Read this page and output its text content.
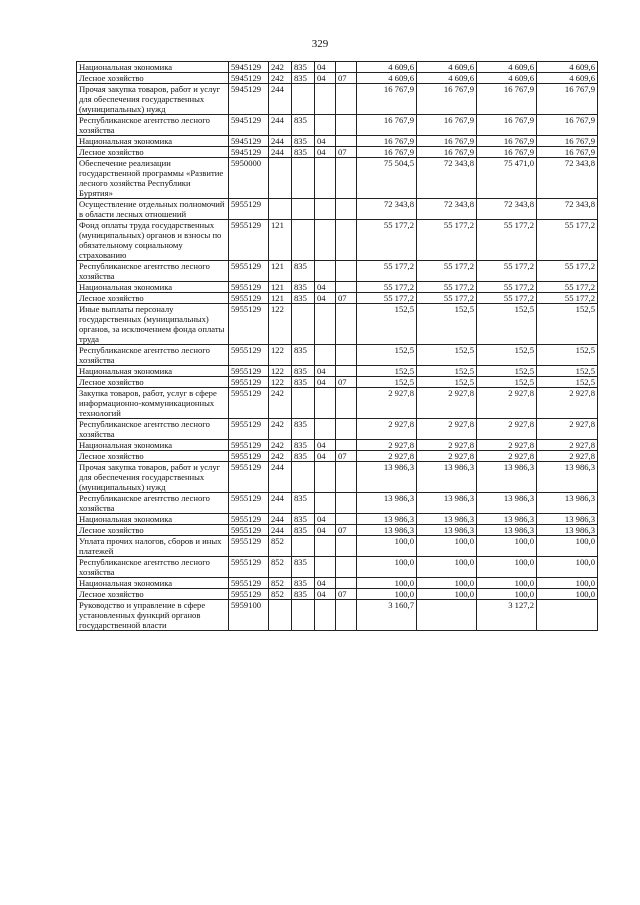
329
Национальная экономика	5945129	242	835	04		4 609,6	4 609,6	4 609,6	4 609,6
Лесное хозяйство	5945129	242	835	04	07	4 609,6	4 609,6	4 609,6	4 609,6
Прочая закупка товаров, работ и услуг для обеспечения государственных (муниципальных) нужд	5945129	244				16 767,9	16 767,9	16 767,9	16 767,9
Республиканское агентство лесного хозяйства	5945129	244	835			16 767,9	16 767,9	16 767,9	16 767,9
Национальная экономика	5945129	244	835	04		16 767,9	16 767,9	16 767,9	16 767,9
Лесное хозяйство	5945129	244	835	04	07	16 767,9	16 767,9	16 767,9	16 767,9
Обеспечение реализации государственной программы «Развитие лесного хозяйства Республики Бурятия»	5950000					75 504,5	72 343,8	75 471,0	72 343,8
Осуществление отдельных полномочий в области лесных отношений	5955129					72 343,8	72 343,8	72 343,8	72 343,8
Фонд оплаты труда государственных (муниципальных) органов и взносы по обязательному социальному страхованию	5955129	121				55 177,2	55 177,2	55 177,2	55 177,2
Республиканское агентство лесного хозяйства	5955129	121	835			55 177,2	55 177,2	55 177,2	55 177,2
Национальная экономика	5955129	121	835	04		55 177,2	55 177,2	55 177,2	55 177,2
Лесное хозяйство	5955129	121	835	04	07	55 177,2	55 177,2	55 177,2	55 177,2
Иные выплаты персоналу государственных (муниципальных) органов, за исключением фонда оплаты труда	5955129	122				152,5	152,5	152,5	152,5
Республиканское агентство лесного хозяйства	5955129	122	835			152,5	152,5	152,5	152,5
Национальная экономика	5955129	122	835	04		152,5	152,5	152,5	152,5
Лесное хозяйство	5955129	122	835	04	07	152,5	152,5	152,5	152,5
Закупка товаров, работ, услуг в сфере информационно-коммуникационных технологий	5955129	242				2 927,8	2 927,8	2 927,8	2 927,8
Республиканское агентство лесного хозяйства	5955129	242	835			2 927,8	2 927,8	2 927,8	2 927,8
Национальная экономика	5955129	242	835	04		2 927,8	2 927,8	2 927,8	2 927,8
Лесное хозяйство	5955129	242	835	04	07	2 927,8	2 927,8	2 927,8	2 927,8
Прочая закупка товаров, работ и услуг для обеспечения государственных (муниципальных) нужд	5955129	244				13 986,3	13 986,3	13 986,3	13 986,3
Республиканское агентство лесного хозяйства	5955129	244	835			13 986,3	13 986,3	13 986,3	13 986,3
Национальная экономика	5955129	244	835	04		13 986,3	13 986,3	13 986,3	13 986,3
Лесное хозяйство	5955129	244	835	04	07	13 986,3	13 986,3	13 986,3	13 986,3
Уплата прочих налогов, сборов и иных платежей	5955129	852				100,0	100,0	100,0	100,0
Республиканское агентство лесного хозяйства	5955129	852	835			100,0	100,0	100,0	100,0
Национальная экономика	5955129	852	835	04		100,0	100,0	100,0	100,0
Лесное хозяйство	5955129	852	835	04	07	100,0	100,0	100,0	100,0
Руководство и управление в сфере установленных функций органов государственной власти	5959100					3 160,7		3 127,2	
